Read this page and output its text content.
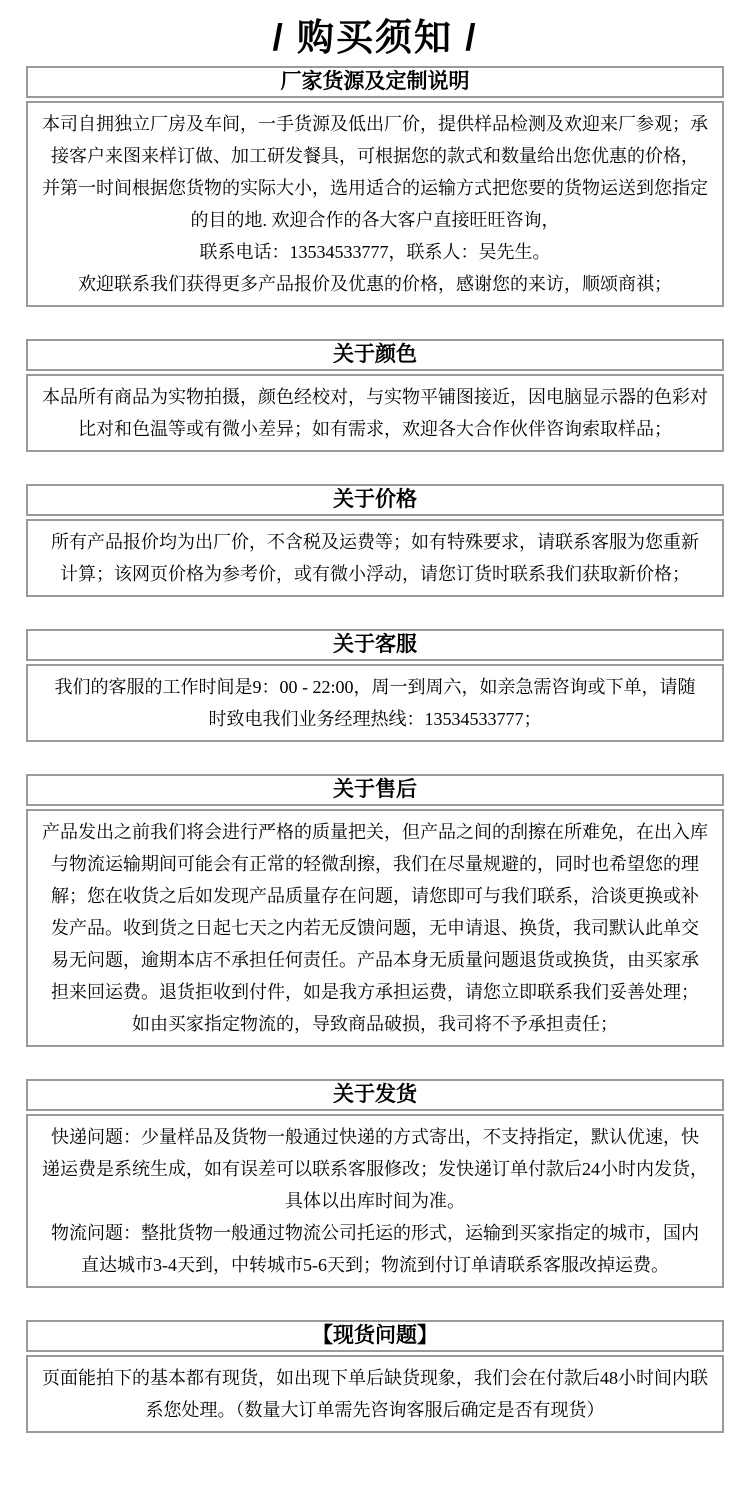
/ 购买须知 /
厂家货源及定制说明
本司自拥独立厂房及车间，一手货源及低出厂价，提供样品检测及欢迎来厂参观；承
接客户来图来样订做、加工研发餐具，可根据您的款式和数量给出您优惠的价格，
并第一时间根据您货物的实际大小，选用适合的运输方式把您要的货物运送到您指定
的目的地. 欢迎合作的各大客户直接旺旺咨询，
联系电话：13534533777，联系人：吴先生。
欢迎联系我们获得更多产品报价及优惠的价格，感谢您的来访，顺颂商祺；
关于颜色
本品所有商品为实物拍摄，颜色经校对，与实物平铺图接近，因电脑显示器的色彩对
比对和色温等或有微小差异；如有需求，欢迎各大合作伙伴咨询索取样品；
关于价格
所有产品报价均为出厂价，不含税及运费等；如有特殊要求，请联系客服为您重新
计算；该网页价格为参考价，或有微小浮动，请您订货时联系我们获取新价格；
关于客服
我们的客服的工作时间是9：00 - 22:00，周一到周六，如亲急需咨询或下单，请随
时致电我们业务经理热线：13534533777；
关于售后
产品发出之前我们将会进行严格的质量把关，但产品之间的刮擦在所难免，在出入库
与物流运输期间可能会有正常的轻微刮擦，我们在尽量规避的，同时也希望您的理
解；您在收货之后如发现产品质量存在问题，请您即可与我们联系，洽谈更换或补
发产品。收到货之日起七天之内若无反馈问题，无申请退、换货，我司默认此单交
易无问题，逾期本店不承担任何责任。产品本身无质量问题退货或换货，由买家承
担来回运费。退货拒收到付件，如是我方承担运费，请您立即联系我们妥善处理；
如由买家指定物流的，导致商品破损，我司将不予承担责任；
关于发货
快递问题：少量样品及货物一般通过快递的方式寄出，不支持指定，默认优速，快
递运费是系统生成，如有误差可以联系客服修改；发快递订单付款后24小时内发货，
具体以出库时间为准。
物流问题：整批货物一般通过物流公司托运的形式，运输到买家指定的城市，国内
直达城市3-4天到，中转城市5-6天到；物流到付订单请联系客服改掉运费。
【现货问题】
页面能拍下的基本都有现货，如出现下单后缺货现象，我们会在付款后48小时间内联
系您处理。（数量大订单需先咨询客服后确定是否有现货）
